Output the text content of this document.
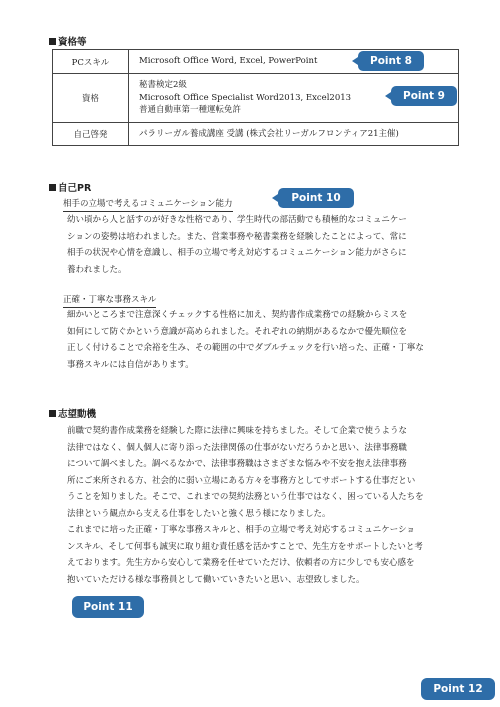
資格等
PCスキル	Microsoft Office Word, Excel, PowerPoint

資格	秘書検定2級
Microsoft Office Specialist Word2013, Excel2013
普通自動車第一種運転免許

自己啓発	パラリーガル養成講座 受講 (株式会社リーガルフロンティア21主催)
Point 8
Point 9
自己PR
相手の立場で考えるコミュニケーション能力	Point 10
幼い頃から人と話すのが好きな性格であり、学生時代の部活動でも積極的なコミュニケー
ションの姿勢は培われました。また、営業事務や秘書業務を経験したことによって、常に
相手の状況や心情を意識し、相手の立場で考え対応するコミュニケーション能力がさらに
養われました。
正確・丁寧な事務スキル
細かいところまで注意深くチェックする性格に加え、契約書作成業務での経験からミスを
如何にして防ぐかという意識が高められました。それぞれの納期があるなかで優先順位を
正しく付けることで余裕を生み、その範囲の中でダブルチェックを行い培った、正確・丁寧な
事務スキルには自信があります。
志望動機
前職で契約書作成業務を経験した際に法律に興味を持ちました。そして企業で使うような
法律ではなく、個人個人に寄り添った法律関係の仕事がないだろうかと思い、法律事務職
について調べました。調べるなかで、法律事務職はさまざまな悩みや不安を抱え法律事務
所にご来所される方、社会的に弱い立場にある方々を事務方としてサポートする仕事だとい
うことを知りました。そこで、これまでの契約法務という仕事ではなく、困っている人たちを
法律という観点から支える仕事をしたいと強く思う様になりました。
これまでに培った正確・丁寧な事務スキルと、相手の立場で考え対応するコミュニケーショ
ンスキル、そして何事も誠実に取り組む責任感を活かすことで、先生方をサポートしたいと考
えております。先生方から安心して業務を任せていただけ、依頼者の方に少しでも安心感を
抱いていただける様な事務員として働いていきたいと思い、志望致しました。
Point 11
Point 12
